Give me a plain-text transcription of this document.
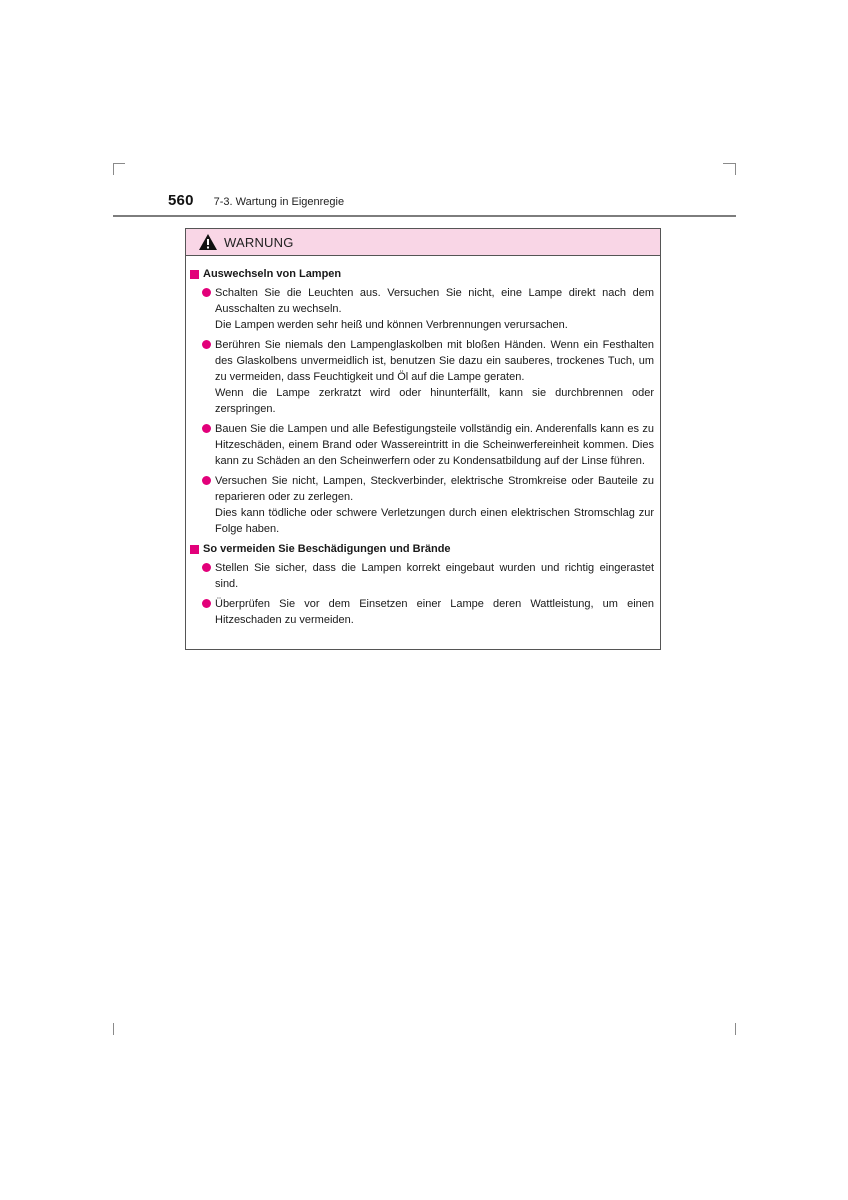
560 7-3. Wartung in Eigenregie
WARNUNG
Auswechseln von Lampen

Schalten Sie die Leuchten aus. Versuchen Sie nicht, eine Lampe direkt nach dem Ausschalten zu wechseln.

Die Lampen werden sehr heiß und können Verbrennungen verursachen.

Berühren Sie niemals den Lampenglaskolben mit bloßen Händen. Wenn ein Festhalten des Glaskolbens unvermeidlich ist, benutzen Sie dazu ein sauberes, trockenes Tuch, um zu vermeiden, dass Feuchtigkeit und Öl auf die Lampe geraten.

Wenn die Lampe zerkratzt wird oder hinunterfällt, kann sie durchbrennen oder zerspringen.

Bauen Sie die Lampen und alle Befestigungsteile vollständig ein. Anderenfalls kann es zu Hitzeschäden, einem Brand oder Wassereintritt in die Scheinwerfereinheit kommen. Dies kann zu Schäden an den Scheinwerfern oder zu Kondensatbildung auf der Linse führen.

Versuchen Sie nicht, Lampen, Steckverbinder, elektrische Stromkreise oder Bauteile zu reparieren oder zu zerlegen.

Dies kann tödliche oder schwere Verletzungen durch einen elektrischen Stromschlag zur Folge haben.

So vermeiden Sie Beschädigungen und Brände

Stellen Sie sicher, dass die Lampen korrekt eingebaut wurden und richtig eingerastet sind.

Überprüfen Sie vor dem Einsetzen einer Lampe deren Wattleistung, um einen Hitzeschaden zu vermeiden.
